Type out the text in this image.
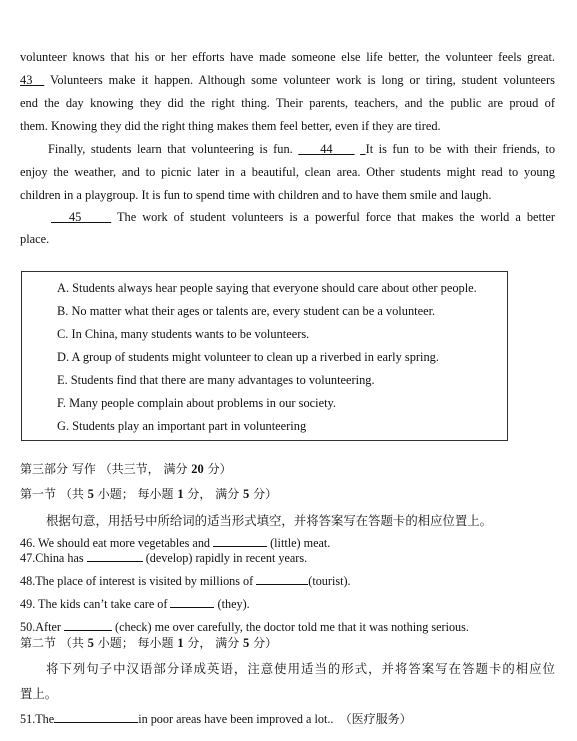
volunteer knows that his or her efforts have made someone else life better, the volunteer feels great.
43 Volunteers make it happen. Although some volunteer work is long or tiring, student volunteers
end the day knowing they did the right thing. Their parents, teachers, and the public are proud of
them. Knowing they did the right thing makes them feel better, even if they are tired.
Finally, students learn that volunteering is fun. 44	It is fun to be with their friends, to
enjoy the weather, and to picnic later in a beautiful, clean area. Other students might read to young
children in a playgroup. It is fun to spend time with children and to have them smile and laugh.
45	The work of student volunteers is a powerful force that makes the world a better
place.
A. Students always hear people saying that everyone should care about other people.
B. No matter what their ages or talents are, every student can be a volunteer.
C. In China, many students wants to be volunteers.
D. A group of students might volunteer to clean up a riverbed in early spring.
E. Students find that there are many advantages to volunteering.
F. Many people complain about problems in our society.
G. Students play an important part in volunteering
第三部分 写作 （共三节， 满分 20 分）
第一节 （共 5 小题； 每小题 1 分， 满分 5 分）
根据句意，用括号中所给词的适当形式填空，并将答案写在答题卡的相应位置上。
46. We should eat more vegetables and	(little) meat.
47.China has	(develop) rapidly in recent years.
48.The place of interest is visited by millions of	(tourist).
49. The kids can’t take care of	(they).
50.After	(check) me over carefully, the doctor told me that it was nothing serious.
第二节 （共 5 小题； 每小题 1 分， 满分 5 分）
将下列句子中汉语部分译成英语，注意使用适当的形式，并将答案写在答题卡的相应位
置上。
51.The	in poor areas have been improved a lot.. （医疗服务）
